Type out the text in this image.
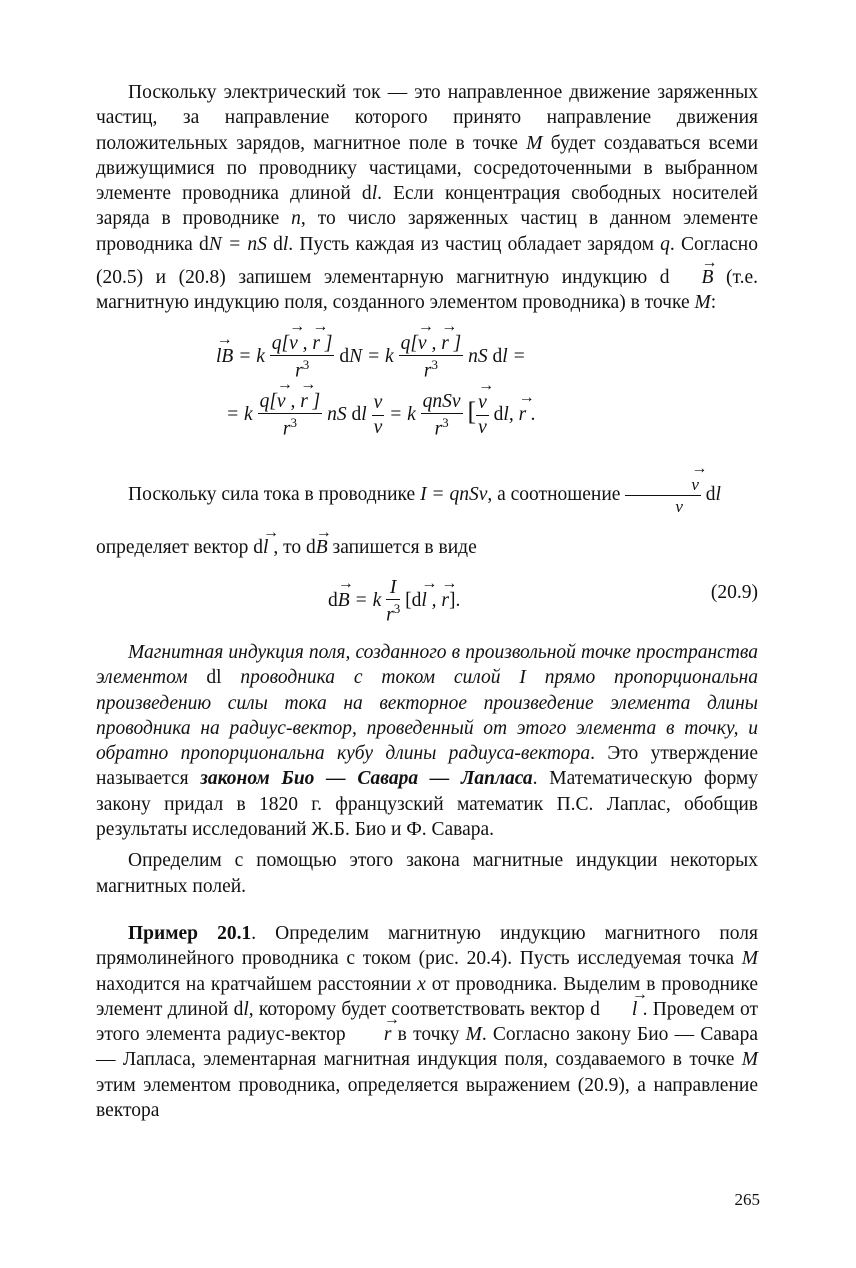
Поскольку электрический ток — это направленное движение заряженных частиц, за направление которого принято направление движения положительных зарядов, магнитное поле в точке M будет создаваться всеми движущимися по проводнику частицами, сосредоточенными в выбранном элементе проводника длиной dl. Если концентрация свободных носителей заряда в проводнике n, то число заряженных частиц в данном элементе проводника dN = nS dl. Пусть каждая из частиц обладает зарядом q. Согласно (20.5) и (20.8) запишем элементарную магнитную индукцию d → B (т.е. магнитную индукцию поля, созданного элементом проводника) в точке M:

→ lB = k $\frac{q[\to v , \to r ]}{r^3}$ dN = k $\frac{q[\to v , \to r ]}{r^3}$ nS dl =
= k $\frac{q[\to v , \to r ]}{r^3}$ nS dl $\frac{v}{v} = k \frac{\text{qnSv}}{r^3}$ [ → $\frac{v}{v}$ dl, → r .

Поскольку сила тока в проводнике I = qnSv, а соотношение → $\frac{v}{v}$ dl

определяет вектор d→ l , то d→ B запишется в виде

d→ B = k $\frac{I}{r^3} [d\to l$ , → r].	(20.9)

Магнитная индукция поля, созданного в произвольной точке пространства элементом dl проводника с током силой I прямо пропорциональна произведению силы тока на векторное произведение элемента длины проводника на радиус-вектор, проведенный от этого элемента в точку, и обратно пропорциональна кубу длины радиуса-вектора. Это утверждение называется законом Био — Савара — Лапласа. Математическую форму закону придал в 1820 г. французский математик П.С. Лаплас, обобщив результаты исследований Ж.Б. Био и Ф. Савара.

Определим с помощью этого закона магнитные индукции некоторых магнитных полей.

Пример 20.1. Определим магнитную индукцию магнитного поля прямолинейного проводника с током (рис. 20.4). Пусть исследуемая точка M находится на кратчайшем расстоянии x от проводника. Выделим в проводнике элемент длиной dl, которому будет соответствовать вектор d → l . Проведем от этого элемента радиус-вектор → r в точку M. Согласно закону Био — Савара — Лапласа, элементарная магнитная индукция поля, создаваемого в точке M этим элементом проводника, определяется выражением (20.9), а направление вектора

265
